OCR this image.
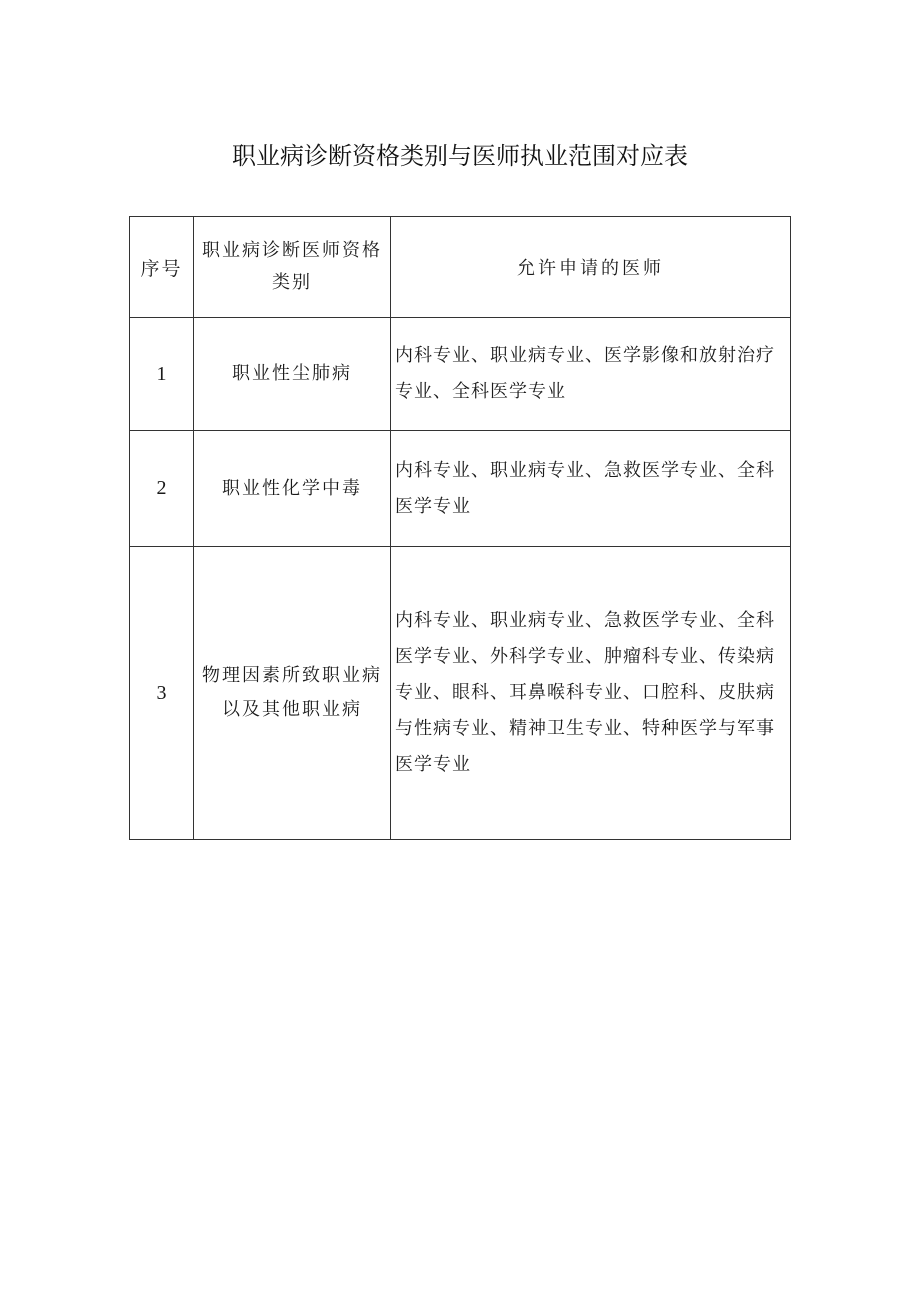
职业病诊断资格类别与医师执业范围对应表
序号	职业病诊断医师资格类别	允许申请的医师
1	职业性尘肺病	内科专业、职业病专业、医学影像和放射治疗专业、全科医学专业
2	职业性化学中毒	内科专业、职业病专业、急救医学专业、全科医学专业
3	物理因素所致职业病以及其他职业病	内科专业、职业病专业、急救医学专业、全科医学专业、外科学专业、肿瘤科专业、传染病专业、眼科、耳鼻喉科专业、口腔科、皮肤病与性病专业、精神卫生专业、特种医学与军事医学专业
